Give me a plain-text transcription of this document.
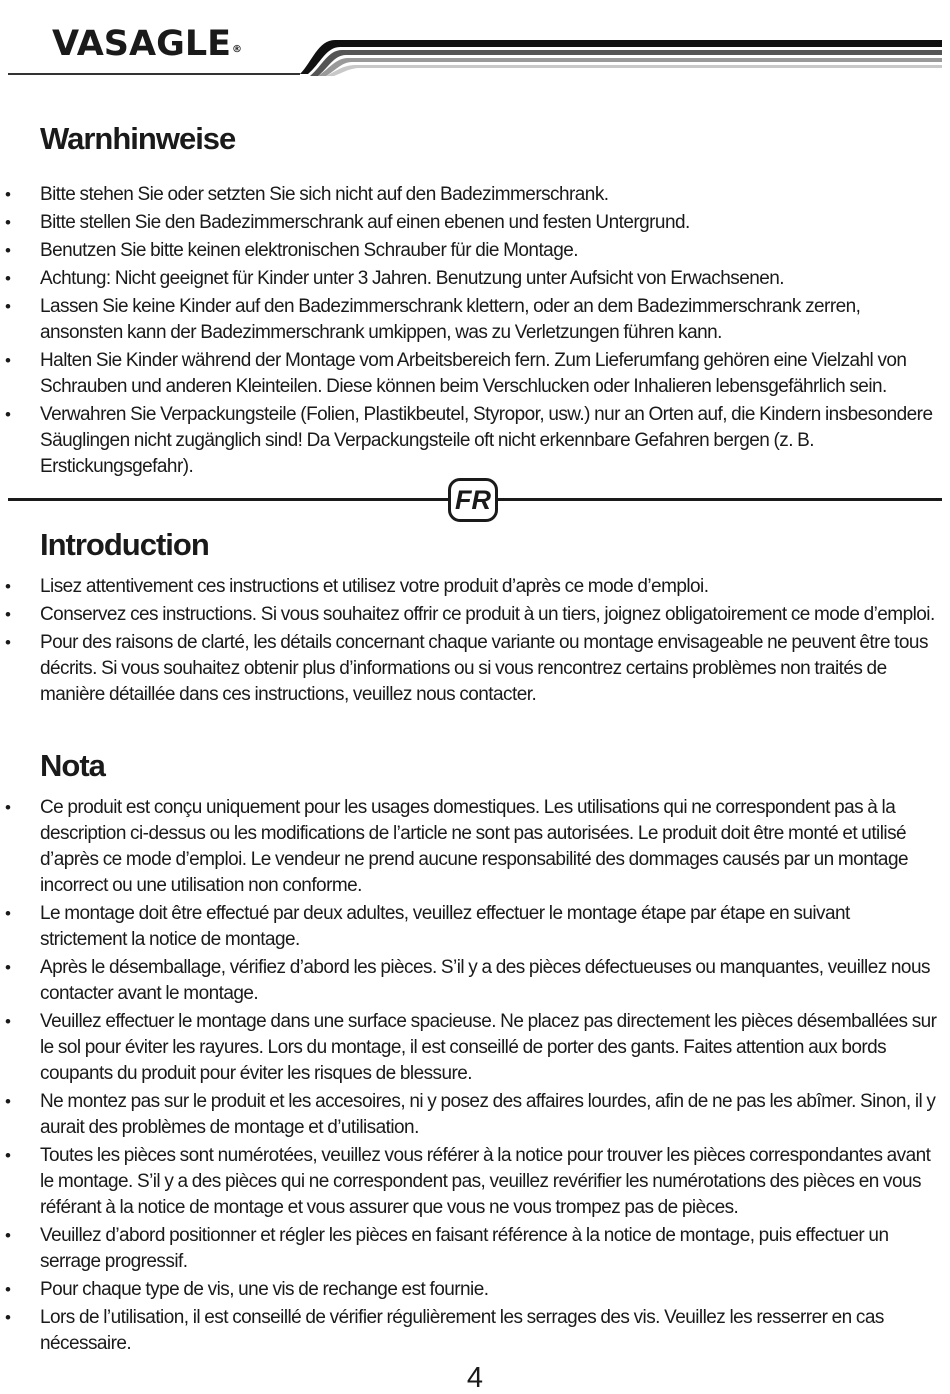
VASAGLE®
Warnhinweise
• Bitte stehen Sie oder setzten Sie sich nicht auf den Badezimmerschrank.
• Bitte stellen Sie den Badezimmerschrank auf einen ebenen und festen Untergrund.
• Benutzen Sie bitte keinen elektronischen Schrauber für die Montage.
• Achtung: Nicht geeignet für Kinder unter 3 Jahren. Benutzung unter Aufsicht von Erwachsenen.
• Lassen Sie keine Kinder auf den Badezimmerschrank klettern, oder an dem Badezimmerschrank zerren, ansonsten kann der Badezimmerschrank umkippen, was zu Verletzungen führen kann.
• Halten Sie Kinder während der Montage vom Arbeitsbereich fern. Zum Lieferumfang gehören eine Vielzahl von Schrauben und anderen Kleinteilen. Diese können beim Verschlucken oder Inhalieren lebensgefährlich sein.
• Verwahren Sie Verpackungsteile (Folien, Plastikbeutel, Styropor, usw.) nur an Orten auf, die Kindern insbesondere Säuglingen nicht zugänglich sind! Da Verpackungsteile oft nicht erkennbare Gefahren bergen (z. B. Erstickungsgefahr).
FR
Introduction
• Lisez attentivement ces instructions et utilisez votre produit d’après ce mode d’emploi.
• Conservez ces instructions. Si vous souhaitez offrir ce produit à un tiers, joignez obligatoirement ce mode d’emploi.
• Pour des raisons de clarté, les détails concernant chaque variante ou montage envisageable ne peuvent être tous décrits. Si vous souhaitez obtenir plus d’informations ou si vous rencontrez certains problèmes non traités de manière détaillée dans ces instructions, veuillez nous contacter.
Nota
• Ce produit est conçu uniquement pour les usages domestiques. Les utilisations qui ne correspondent pas à la description ci-dessus ou les modifications de l’article ne sont pas autorisées. Le produit doit être monté et utilisé d’après ce mode d’emploi. Le vendeur ne prend aucune responsabilité des dommages causés par un montage incorrect ou une utilisation non conforme.
• Le montage doit être effectué par deux adultes, veuillez effectuer le montage étape par étape en suivant strictement la notice de montage.
• Après le désemballage, vérifiez d’abord les pièces. S’il y a des pièces défectueuses ou manquantes, veuillez nous contacter avant le montage.
• Veuillez effectuer le montage dans une surface spacieuse. Ne placez pas directement les pièces désemballées sur le sol pour éviter les rayures. Lors du montage, il est conseillé de porter des gants. Faites attention aux bords coupants du produit pour éviter les risques de blessure.
• Ne montez pas sur le produit et les accesoires, ni y posez des affaires lourdes, afin de ne pas les abîmer. Sinon, il y aurait des problèmes de montage et d’utilisation.
• Toutes les pièces sont numérotées, veuillez vous référer à la notice pour trouver les pièces correspondantes avant le montage. S’il y a des pièces qui ne correspondent pas, veuillez revérifier les numérotations des pièces en vous référant à la notice de montage et vous assurer que vous ne vous trompez pas de pièces.
• Veuillez d’abord positionner et régler les pièces en faisant référence à la notice de montage, puis effectuer un serrage progressif.
• Pour chaque type de vis, une vis de rechange est fournie.
• Lors de l’utilisation, il est conseillé de vérifier régulièrement les serrages des vis. Veuillez les resserrer en cas nécessaire.
4
